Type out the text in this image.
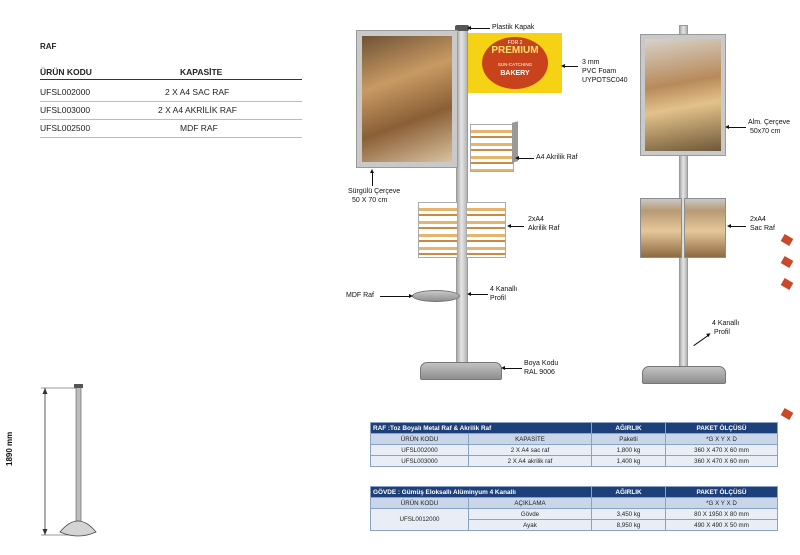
RAF
ÜRÜN KODU	KAPASİTE
UFSL002000	2 X A4 SAC RAF
UFSL003000	2 X A4 AKRİLİK RAF
UFSL002500	MDF RAF
1890 mm
FOR 2
PREMIUM
SUN-CATCHING
BAKERY
Plastik Kapak
3 mm
PVC Foam
UYPOTSC040
A4 Akrilik Raf
Sürgülü Çerçeve
50 X 70 cm
2xA4
Akrilik Raf
MDF Raf
4 Kanallı
Profil
Boya Kodu
RAL 9006
Alm. Çerçeve
50x70 cm
2xA4
Sac Raf
4 Kanallı
Profil
RAF :Toz Boyalı Metal Raf & Akrilik Raf		AĞIRLIK	PAKET ÖLÇÜSÜ
ÜRÜN KODU	KAPASİTE	Paketli	*G X Y X D
UFSL002000	2 X A4 sac raf	1,800 kg	360 X 470 X 60 mm
UFSL003000	2 X A4 akrilik raf	1,400 kg	360 X 470 X 60 mm
GÖVDE : Gümüş Eloksallı Alüminyum 4 Kanallı		AĞIRLIK	PAKET ÖLÇÜSÜ
ÜRÜN KODU	AÇIKLAMA		*G X Y X D
UFSL0012000	Gövde	3,450 kg	80 X 1950 X 80 mm
	Ayak	8,950 kg	490 X 490 X 50 mm
